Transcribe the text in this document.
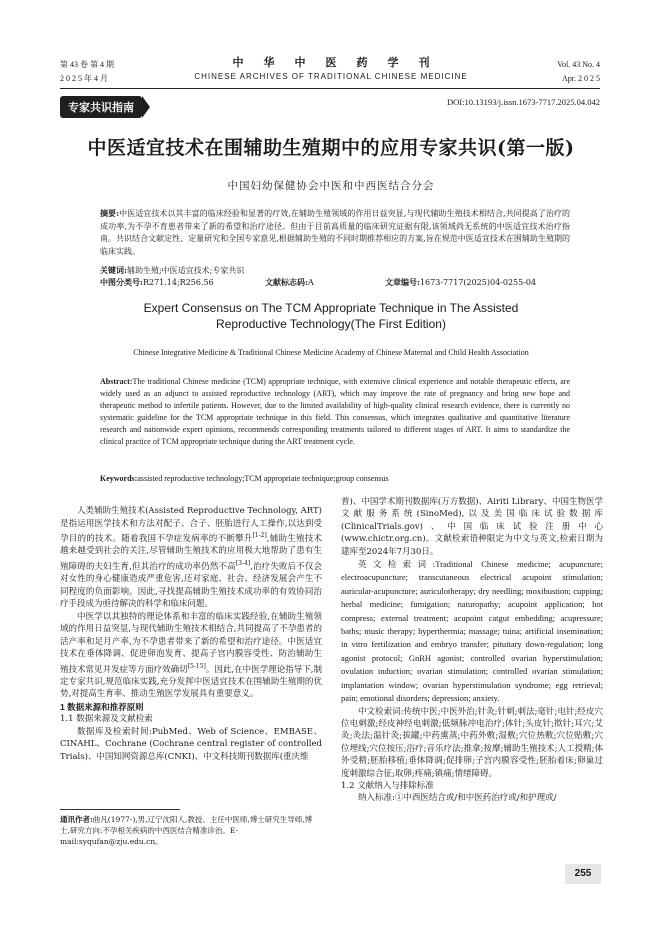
第 43 卷 第 4 期
2 0 2 5 年 4 月
中华中医药学刊
CHINESE ARCHIVES OF TRADITIONAL CHINESE MEDICINE
Vol. 43 No. 4
Apr. 2 0 2 5
专家共识指南	DOI:10.13193/j.issn.1673-7717.2025.04.042
中医适宜技术在围辅助生殖期中的应用专家共识(第一版)
中国妇幼保健协会中医和中西医结合分会
摘要:中医适宜技术以其丰富的临床经验和显著的疗效,在辅助生殖领域的作用日益突显,与现代辅助生殖技术相结合,共同提高了治疗的成功率,为不孕不育患者带来了新的希望和治疗途径。但由于目前高质量的临床研究证据有限,该领域尚无系统的中医适宜技术治疗指南。共识结合文献定性、定量研究和全国专家意见,根据辅助生殖的不同时期推荐相应的方案,旨在规范中医适宜技术在围辅助生殖期的临床实践。
关键词:辅助生殖;中医适宜技术;专家共识
中图分类号:R271.14;R256.56	文献标志码:A	文章编号:1673-7717(2025)04-0255-04
Expert Consensus on The TCM Appropriate Technique in The Assisted
Reproductive Technology(The First Edition)
Chinese Integrative Medicine & Traditional Chinese Medicine Academy of Chinese Maternal and Child Health Association
Abstract:The traditional Chinese medicine (TCM) appropriate technique, with extensive clinical experience and notable therapeutic effects, are widely used as an adjunct to assisted reproductive technology (ART), which may improve the rate of pregnancy and bring new hope and therapeutic method to infertile patients. However, due to the limited availability of high-quality clinical research evidence, there is currently no systematic guideline for the TCM appropriate technique in this field. This consensus, which integrates qualitative and quantitative literature research and nationwide expert opinions, recommends corresponding treatments tailored to different stages of ART. It aims to standardize the clinical practice of TCM appropriate technique during the ART treatment cycle.
Keywords:assisted reproductive technology;TCM appropriate technique;group consensus

人类辅助生殖技术(Assisted Reproductive Technology, ART)是指运用医学技术和方法对配子、合子、胚胎进行人工操作,以达到受孕目的的技术。随着我国不孕症发病率的不断攀升[1-2],辅助生殖技术越来越受到社会的关注,尽管辅助生殖技术的应用极大地帮助了患有生殖障碍的夫妇生育,但其治疗的成功率仍然不高[3-4],治疗失败后不仅会对女性的身心健康造成严重危害,还对家庭、社会、经济发展会产生不同程度的负面影响。因此,寻找提高辅助生殖技术成功率的有效协同治疗手段成为亟待解决的科学和临床问题。

中医学以其独特的理论体系和丰富的临床实践经验,在辅助生殖领域的作用日益突显,与现代辅助生殖技术相结合,共同提高了不孕患者的活产率和足月产率,为不孕患者带来了新的希望和治疗途径。中医适宜技术在垂体降调、促进卵泡发育、提高子宫内膜容受性、防治辅助生殖技术常见并发症等方面疗效确切[5-15]。因此,在中医学理论指导下,制定专家共识,规范临床实践,充分发挥中医适宜技术在围辅助生殖期的优势,对提高生育率、推动生殖医学发展具有重要意义。

1 数据来源和推荐原则

1.1 数据来源及文献检索

数据库及检索时间:PubMed、Web of Science、EMBASE、CINAHL、Cochrane (Cochrane central register of controlled Trials)、中国知网资源总库(CNKI)、中文科技期刊数据库(重庆维

普)、中国学术期刊数据库(万方数据)、Airiti Library、中国生物医学文献服务系统(SinoMed),以及美国临床试验数据库(ClinicalTrials.gov)、中国临床试验注册中心(www.chictr.org.cn)。文献检索语种限定为中文与英文,检索日期为建库至2024年7月30日。

英文检索词:Traditional Chinese medicine; acupuncture; electroacupuncture; transcutaneous electrical acupoint stimulation; auricular-acupuncture; auriculotherapy; dry needling; moxibustion; cupping; herbal medicine; fumigation; naturopathy; acupoint application; hot compress; external treatment; acupoint catgut embedding; acupressure; baths; music therapy; hyperthermia; massage; tuina; artificial insemination; in vitro fertilization and embryo transfer; pituitary down-regulation; long agonist protocol; GnRH agonist; controlled ovarian hyperstimulation; ovulation induction; ovarian stimulation; controlled ovarian stimulation; implantation window; ovarian hyperstimulation syndrome; egg retrieval; pain; emotional disorders; depression; anxiety.

中文检索词:传统中医;中医外治;针灸;针刺;刺法;毫针;电针;经皮穴位电刺激;经皮神经电刺激;低频脉冲电治疗;体针;头皮针;揿针;耳穴;艾灸;灸法;温针灸;拔罐;中药熏蒸;中药外敷;湿敷;穴位热敷;穴位贴敷;穴位埋线;穴位按压;浴疗;音乐疗法;推拿;按摩;辅助生殖技术;人工授精;体外受精;胚胎移植;垂体降调;促排卵;子宫内膜容受性;胚胎着床;卵巢过度刺激综合征;取卵;疼痛;镇痛;情绪障碍。

1.2 文献纳入与排除标准

纳入标准:①中西医结合或/和中医药治疗或/和护理或/

通讯作者:曲凡(1977-),男,辽宁沈阳人,教授、主任中医师,博士研究生导师,博士,研究方向:不孕相关疾病的中西医结合精准诊治。E-mail:syqufan@zju.edu.cn。
255
